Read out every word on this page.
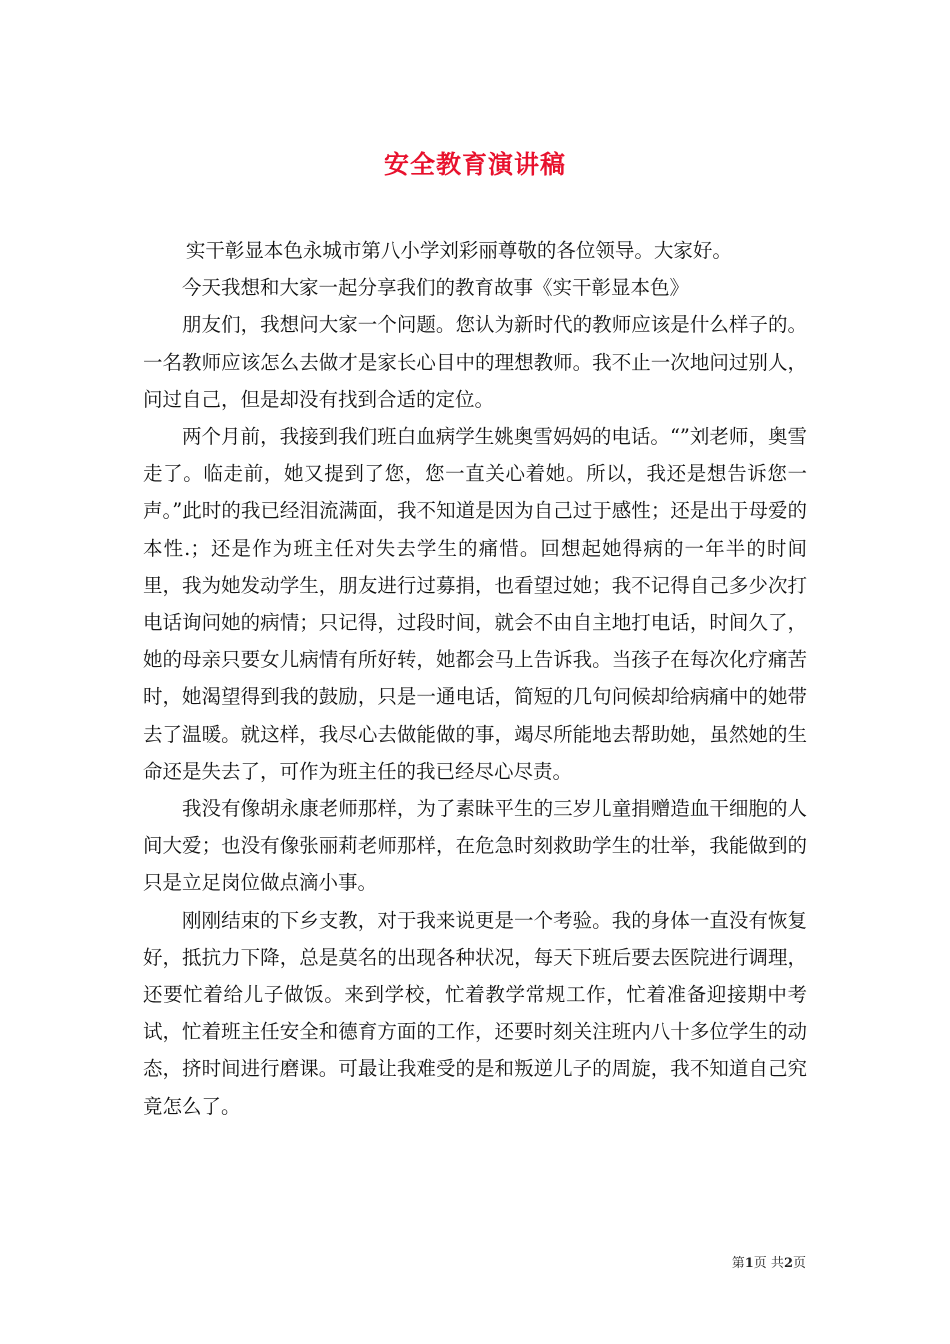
安全教育演讲稿

实干彰显本色永城市第八小学刘彩丽尊敬的各位领导。大家好。

今天我想和大家一起分享我们的教育故事《实干彰显本色》

朋友们，我想问大家一个问题。您认为新时代的教师应该是什么样子的。一名教师应该怎么去做才是家长心目中的理想教师。我不止一次地问过别人，问过自己，但是却没有找到合适的定位。

两个月前，我接到我们班白血病学生姚奥雪妈妈的电话。“”刘老师，奥雪走了。临走前，她又提到了您，您一直关心着她。所以，我还是想告诉您一声。”此时的我已经泪流满面，我不知道是因为自己过于感性；还是出于母爱的本性.；还是作为班主任对失去学生的痛惜。回想起她得病的一年半的时间里，我为她发动学生，朋友进行过募捐，也看望过她；我不记得自己多少次打电话询问她的病情；只记得，过段时间，就会不由自主地打电话，时间久了，她的母亲只要女儿病情有所好转，她都会马上告诉我。当孩子在每次化疗痛苦时，她渴望得到我的鼓励，只是一通电话，简短的几句问候却给病痛中的她带去了温暖。就这样，我尽心去做能做的事，竭尽所能地去帮助她，虽然她的生命还是失去了，可作为班主任的我已经尽心尽责。

我没有像胡永康老师那样，为了素昧平生的三岁儿童捐赠造血干细胞的人间大爱；也没有像张丽莉老师那样，在危急时刻救助学生的壮举，我能做到的只是立足岗位做点滴小事。

刚刚结束的下乡支教，对于我来说更是一个考验。我的身体一直没有恢复好，抵抗力下降，总是莫名的出现各种状况，每天下班后要去医院进行调理，还要忙着给儿子做饭。来到学校，忙着教学常规工作，忙着准备迎接期中考试，忙着班主任安全和德育方面的工作，还要时刻关注班内八十多位学生的动态，挤时间进行磨课。可最让我难受的是和叛逆儿子的周旋，我不知道自己究竟怎么了。

第1页 共2页
